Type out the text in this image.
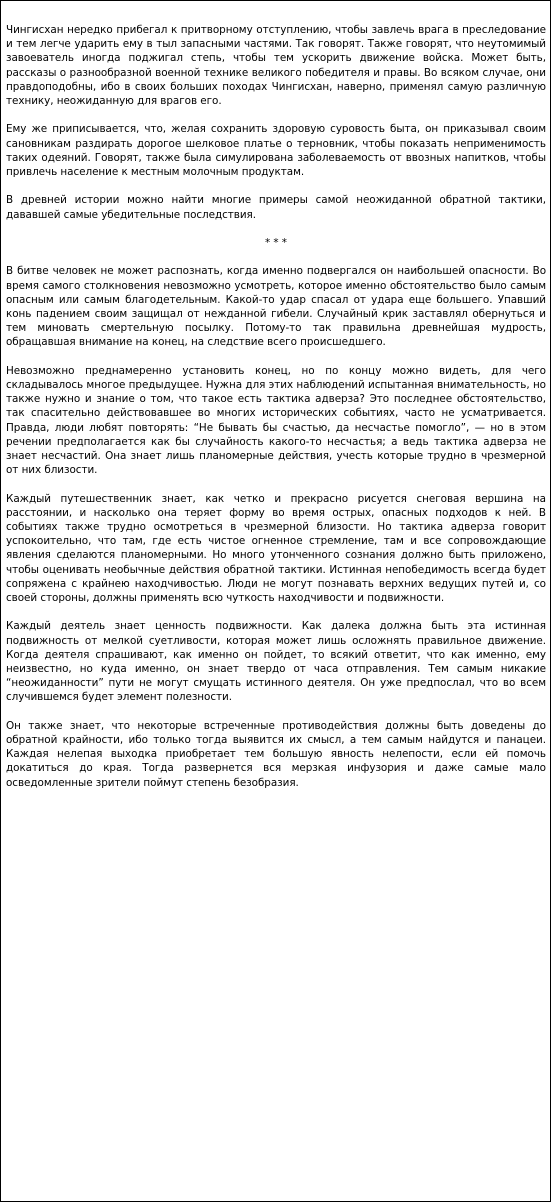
Чингисхан нередко прибегал к притворному отступлению, чтобы завлечь врага в преследование и тем легче ударить ему в тыл запасными частями. Так говорят. Также говорят, что неутомимый завоеватель иногда поджигал степь, чтобы тем ускорить движение войска. Может быть, рассказы о разнообразной военной технике великого победителя и правы. Во всяком случае, они правдоподобны, ибо в своих больших походах Чингисхан, наверно, применял самую различную технику, неожиданную для врагов его.

Ему же приписывается, что, желая сохранить здоровую суровость быта, он приказывал своим сановникам раздирать дорогое шелковое платье о терновник, чтобы показать неприменимость таких одеяний. Говорят, также была симулирована заболеваемость от ввозных напитков, чтобы привлечь население к местным молочным продуктам.

В древней истории можно найти многие примеры самой неожиданной обратной тактики, дававшей самые убедительные последствия.

* * *

В битве человек не может распознать, когда именно подвергался он наибольшей опасности. Во время самого столкновения невозможно усмотреть, которое именно обстоятельство было самым опасным или самым благодетельным. Какой-то удар спасал от удара еще большего. Упавший конь падением своим защищал от нежданной гибели. Случайный крик заставлял обернуться и тем миновать смертельную посылку. Потому-то так правильна древнейшая мудрость, обращавшая внимание на конец, на следствие всего происшедшего.

Невозможно преднамеренно установить конец, но по концу можно видеть, для чего складывалось многое предыдущее. Нужна для этих наблюдений испытанная внимательность, но также нужно и знание о том, что такое есть тактика адверза? Это последнее обстоятельство, так спасительно действовавшее во многих исторических событиях, часто не усматривается. Правда, люди любят повторять: “Не бывать бы счастью, да несчастье помогло”, — но в этом речении предполагается как бы случайность какого-то несчастья; а ведь тактика адверза не знает несчастий. Она знает лишь планомерные действия, учесть которые трудно в чрезмерной от них близости.

Каждый путешественник знает, как четко и прекрасно рисуется снеговая вершина на расстоянии, и насколько она теряет форму во время острых, опасных подходов к ней. В событиях также трудно осмотреться в чрезмерной близости. Но тактика адверза говорит успокоительно, что там, где есть чистое огненное стремление, там и все сопровождающие явления сделаются планомерными. Но много утонченного сознания должно быть приложено, чтобы оценивать необычные действия обратной тактики. Истинная непобедимость всегда будет сопряжена с крайнею находчивостью. Люди не могут познавать верхних ведущих путей и, со своей стороны, должны применять всю чуткость находчивости и подвижности.

Каждый деятель знает ценность подвижности. Как далека должна быть эта истинная подвижность от мелкой суетливости, которая может лишь осложнять правильное движение. Когда деятеля спрашивают, как именно он пойдет, то всякий ответит, что как именно, ему неизвестно, но куда именно, он знает твердо от часа отправления. Тем самым никакие “неожиданности” пути не могут смущать истинного деятеля. Он уже предпослал, что во всем случившемся будет элемент полезности.

Он также знает, что некоторые встреченные противодействия должны быть доведены до обратной крайности, ибо только тогда выявится их смысл, а тем самым найдутся и панацеи. Каждая нелепая выходка приобретает тем большую явность нелепости, если ей помочь докатиться до края. Тогда развернется вся мерзкая инфузория и даже самые мало осведомленные зрители поймут степень безобразия.
